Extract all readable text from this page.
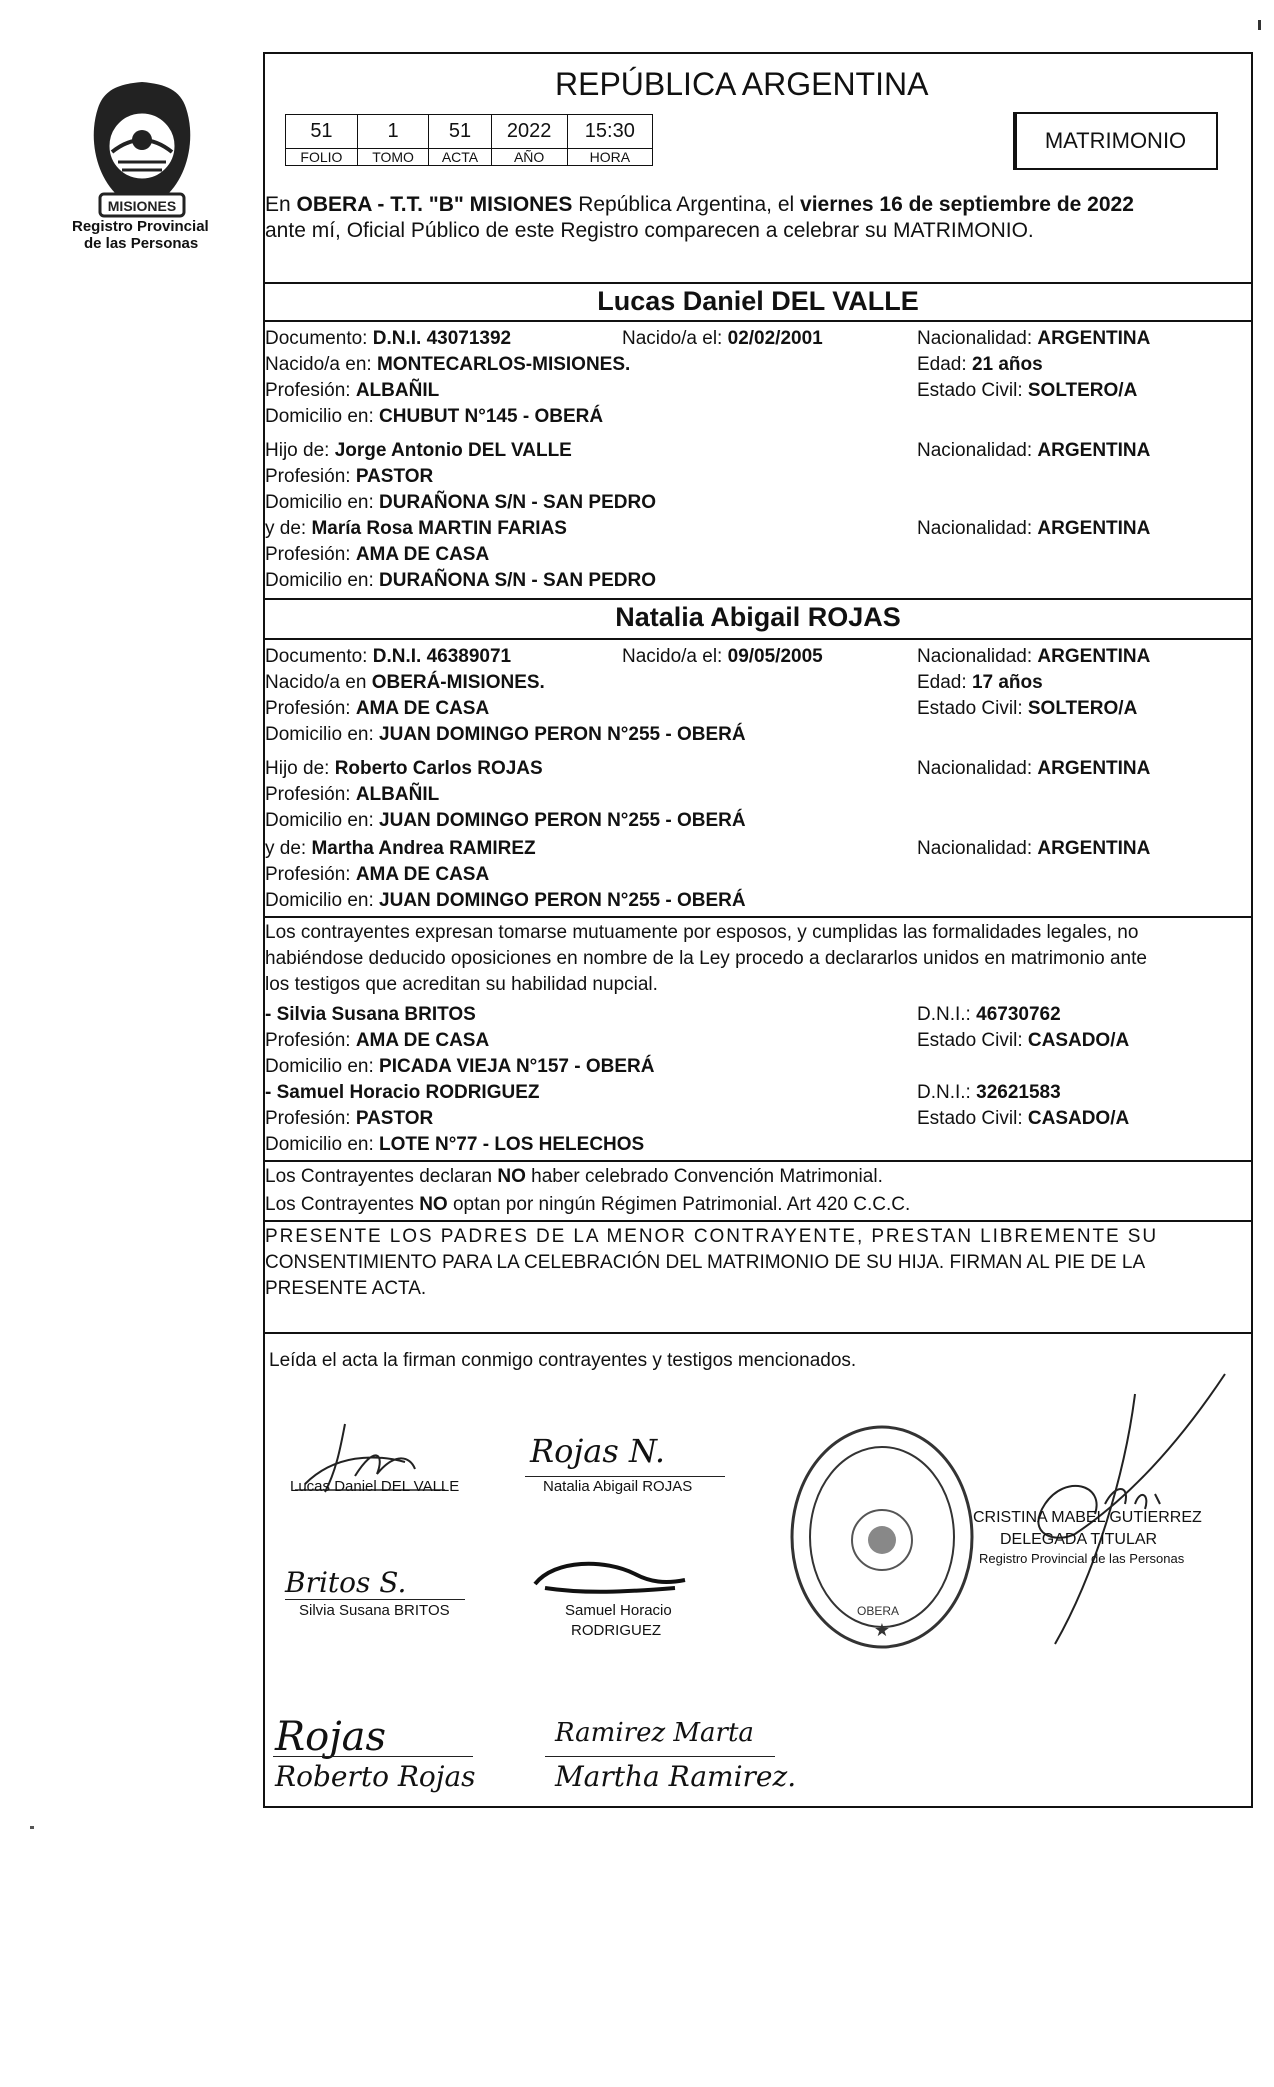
MISIONES
Registro Provincial
de las Personas
REPÚBLICA ARGENTINA
51	1	51	2022	15:30
FOLIO	TOMO	ACTA	AÑO	HORA
MATRIMONIO
En OBERA - T.T. "B" MISIONES República Argentina, el viernes 16 de septiembre de 2022
ante mí, Oficial Público de este Registro comparecen a celebrar su MATRIMONIO.
Lucas Daniel DEL VALLE
Documento: D.N.I. 43071392	Nacido/a el: 02/02/2001	Nacionalidad: ARGENTINA
Nacido/a en: MONTECARLOS-MISIONES.	Edad: 21 años
Profesión: ALBAÑIL	Estado Civil: SOLTERO/A
Domicilio en: CHUBUT N°145 - OBERÁ
Hijo de: Jorge Antonio DEL VALLE	Nacionalidad: ARGENTINA
Profesión: PASTOR
Domicilio en: DURAÑONA S/N - SAN PEDRO
y de: María Rosa MARTIN FARIAS	Nacionalidad: ARGENTINA
Profesión: AMA DE CASA
Domicilio en: DURAÑONA S/N - SAN PEDRO
Natalia Abigail ROJAS
Documento: D.N.I. 46389071	Nacido/a el: 09/05/2005	Nacionalidad: ARGENTINA
Nacido/a en OBERÁ-MISIONES.	Edad: 17 años
Profesión: AMA DE CASA	Estado Civil: SOLTERO/A
Domicilio en: JUAN DOMINGO PERON N°255 - OBERÁ
Hijo de: Roberto Carlos ROJAS	Nacionalidad: ARGENTINA
Profesión: ALBAÑIL
Domicilio en: JUAN DOMINGO PERON N°255 - OBERÁ
y de: Martha Andrea RAMIREZ	Nacionalidad: ARGENTINA
Profesión: AMA DE CASA
Domicilio en: JUAN DOMINGO PERON N°255 - OBERÁ
Los contrayentes expresan tomarse mutuamente por esposos, y cumplidas las formalidades legales, no
habiéndose deducido oposiciones en nombre de la Ley procedo a declararlos unidos en matrimonio ante
los testigos que acreditan su habilidad nupcial.
- Silvia Susana BRITOS	D.N.I.: 46730762
Profesión: AMA DE CASA	Estado Civil: CASADO/A
Domicilio en: PICADA VIEJA N°157 - OBERÁ
- Samuel Horacio RODRIGUEZ	D.N.I.: 32621583
Profesión: PASTOR	Estado Civil: CASADO/A
Domicilio en: LOTE N°77 - LOS HELECHOS
Los Contrayentes declaran NO haber celebrado Convención Matrimonial.
Los Contrayentes NO optan por ningún Régimen Patrimonial. Art 420 C.C.C.
PRESENTE LOS PADRES DE LA MENOR CONTRAYENTE, PRESTAN LIBREMENTE SU
CONSENTIMIENTO PARA LA CELEBRACIÓN DEL MATRIMONIO DE SU HIJA. FIRMAN AL PIE DE LA
PRESENTE ACTA.
Leída el acta la firman conmigo contrayentes y testigos mencionados.
Lucas Daniel DEL VALLE
Rojas N.
Natalia Abigail ROJAS
Britos S.
Silvia Susana BRITOS	Samuel Horacio
RODRIGUEZ	★
DELEGACION DEL REGISTRO PROVINCIAL DE LAS PERSONAS
OBERA
CRISTINA MABEL GUTIERREZ
DELEGADA TITULAR
Registro Provincial de las Personas
Rojas
Roberto Rojas
Ramirez Marta
Martha Ramirez.
